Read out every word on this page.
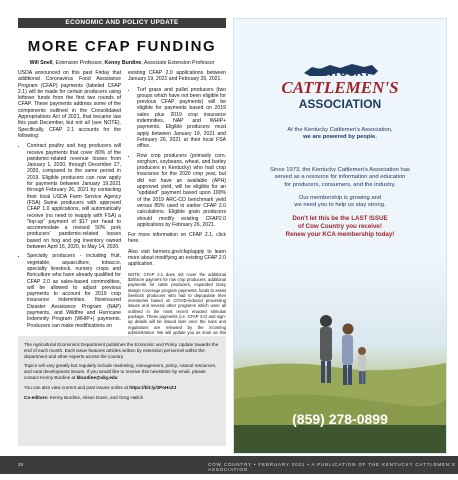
ECONOMIC AND POLICY UPDATE
MORE CFAP FUNDING
Will Snell, Extension Professor, Kenny Burdine, Associate Extension Professor

USDA announced on this past Friday that additional Coronavirus Food Assistance Program (CFAP) payments (labeled CFAP 2.1) will be made for certain producers using leftover funds from the first two rounds of CFAP. These payments address some of the components outlined in the Consolidated Appropriations Act of 2021, that became law this past December, but not all (see NOTE). Specifically, CFAP 2.1 accounts for the following:

• Contract poultry and hog producers will receive payments that cover 80% of the pandemic-related revenue losses from January 1, 2020, through December 27, 2020, compared to the same period in 2019. Eligible producers can now apply for payments between January 19,2021 through February 26, 2021 by contacting their local USDA Farm Service Agency (FSA) Swine producers with approved CFAP 1.0 applications, will automatically receive (no need to reapply with FSA) a "top-up" payment of $17 per head to accommodate a revised 50% pork producers' pandemic-related losses based on hog and pig inventory owned between April 16, 2020, to May 14, 2020.
• Specialty producers - including fruit, vegetable, aquaculture, tobacco, specialty livestock, nursery crops and floriculture who have already qualified for CFAP 2.0 as sales-based commodities, will be allowed to adjust previous payments to account for 2019 crop insurance indemnities, Noninsured Disaster Assistance Program (NAP) payments, and Wildfire and Hurricane Indemnity Program (WHIP+) payments. Producers can make modifications on

existing CFAP 2.0 applications between January 19, 2021 and February 26, 2021.

• Turf grass and pullet producers (two groups which have not been eligible for previous CFAP payments) will be eligible for payments based on 2019 sales plus 2019 crop insurance indemnities, NAP and WHIP+ payments. Eligible producers must apply between January 19, 2021 and February 26, 2021 at their local FSA office.
• Row crop producers (primarily corn, sorghum, soybeans, wheat, and barley producers in Kentucky) who had crop insurance for the 2020 crop year, but did not have an available (APH) approved yield, will be eligible for an "updated" payment based upon 100% of the 2019 ARC-CO benchmark yield versus 85% used in earlier CFAP 2.0 calculations. Eligible grain producers should modify existing CFAP2.0 applications by February 26, 2021.

For more information on CFAP 2.1, click here.

Also visit farmers.gov/cfap/apply to learn more about modifying an existing CFAP 2.0 application.

NOTE: CFAP 2.1 does not cover the additional $20/acre payment for row crop producers, additional payments for cattle producers, expanded Dairy Margin Coverage program payments, funds to assist livestock producers who had to depopulate their inventories based on COVID-induced processing issues and several other programs which were all outlined in the most recent enacted stimulus package. These payments (i.e. CFAP 3.0) and sign-up details will be issued later once the rules and regulations are released by the incoming administration. We will update you as soon as this

The Agricultural Economics Department publishes the Economic and Policy Update towards the end of each month. Each issue features articles written by extension personnel within the department and other experts across the country.

Topics will vary greatly but regularly include marketing, management, policy, natural resources, and rural development issues. If you would like to receive this newsletter by email, please contact Kenny Burdine at kburdine@uky.edu

You can also view current and past issues online at https://bit.ly/2PoHsZJ

Co-editors: Kenny Burdine, Alison Davis, and Greg Halich

KENTUCKY
CATTLEMEN'S
ASSOCIATION
At the Kentucky Cattlemen's Association,
we are powered by people.
Since 1973, the Kentucky Cattlemen's Association has
served as a resource for information and education
for producers, consumers, and the industry.
Our membership is growing and
we need you to help us stay strong.
Don't let this be the LAST ISSUE
of Cow Country you receive!
Renew your KCA membership today!
(859) 278-0899
28	COW COUNTRY • FEBRUARY 2021 • A PUBLICATION OF THE KENTUCKY CATTLEMEN'S ASSOCIATION
